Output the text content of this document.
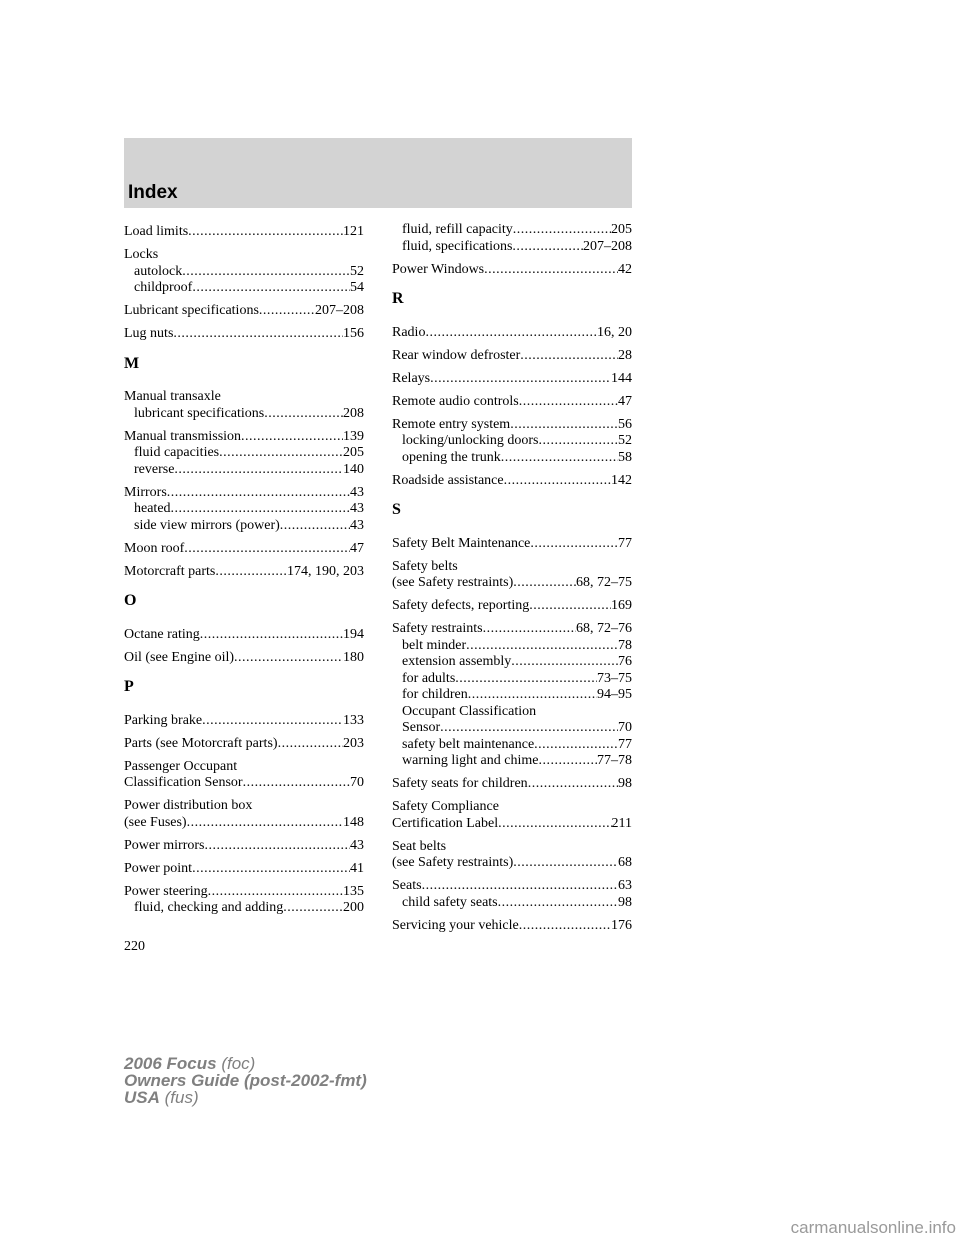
Index
Load limits . . .	121
Locks
autolock . . .	52
childproof . . .	54
Lubricant specifications . . .	207–208
Lug nuts . . .	156
M
Manual transaxle
lubricant specifications . . .	208
Manual transmission . . .	139
fluid capacities . . .	205
reverse . . .	140
Mirrors . . .	43
heated . . .	43
side view mirrors (power) . . .	43
Moon roof . . .	47
Motorcraft parts . . .	174, 190, 203
O
Octane rating . . .	194
Oil (see Engine oil) . . .	180
P
Parking brake . . .	133
Parts (see Motorcraft parts) . . .	203
Passenger Occupant
Classification Sensor . . .	70
Power distribution box
(see Fuses) . . .	148
Power mirrors . . .	43
Power point . . .	41
Power steering . . .	135
fluid, checking and adding . . .	200
fluid, refill capacity . . .	205
fluid, specifications . . .	207–208
Power Windows . . .	42
R
Radio . . .	16, 20
Rear window defroster . . .	28
Relays . . .	144
Remote audio controls . . .	47
Remote entry system . . .	56
locking/unlocking doors . . .	52
opening the trunk . . .	58
Roadside assistance . . .	142
S
Safety Belt Maintenance . . .	77
Safety belts
(see Safety restraints) . . .	68, 72–75
Safety defects, reporting . . .	169
Safety restraints . . .	68, 72–76
belt minder . . .	78
extension assembly . . .	76
for adults . . .	73–75
for children . . .	94–95
Occupant Classification
Sensor . . .	70
safety belt maintenance . . .	77
warning light and chime . . .	77–78
Safety seats for children . . .	98
Safety Compliance
Certification Label . . .	211
Seat belts
(see Safety restraints) . . .	68
Seats . . .	63
child safety seats . . .	98
Servicing your vehicle . . .	176
220
2006 Focus (foc)
Owners Guide (post-2002-fmt)
USA (fus)
carmanualsonline.info
